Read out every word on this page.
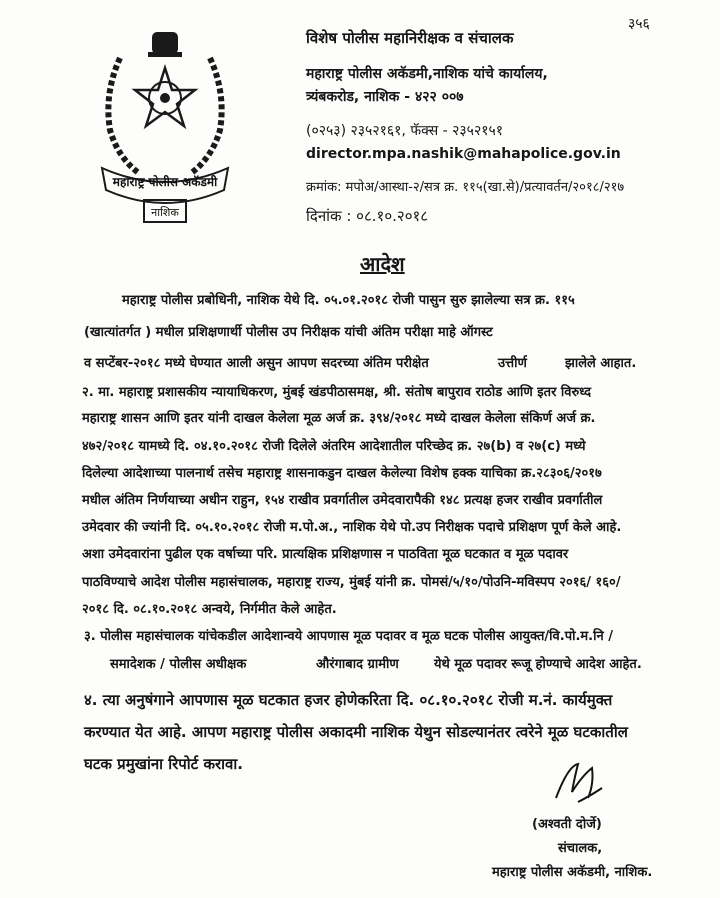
३५६
महाराष्ट्र पोलीस अकॅडमी
नाशिक
विशेष पोलीस महानिरीक्षक व संचालक
महाराष्ट्र पोलीस अकॅडमी,नाशिक यांचे कार्यालय,
त्र्यंबकरोड, नाशिक - ४२२ ००७
(०२५३) २३५२१६१, फॅक्स - २३५२१५१
director.mpa.nashik@mahapolice.gov.in
क्रमांक: मपोअ/आस्था-२/सत्र क्र. ११५(खा.से)/प्रत्यावर्तन/२०१८/२१७
दिनांक : ०८.१०.२०१८
आदेश
महाराष्ट्र पोलीस प्रबोधिनी, नाशिक येथे दि. ०५.०१.२०१८ रोजी पासुन सुरु झालेल्या सत्र क्र. ११५
(खात्यांतर्गत ) मधील प्रशिक्षणार्थी पोलीस उप निरीक्षक यांची अंतिम परीक्षा माहे ऑगस्ट
व सप्टेंबर-२०१८ मध्ये घेण्यात आली असुन आपण सदरच्या अंतिम परीक्षेत	उत्तीर्ण	झालेले आहात.
२. मा. महाराष्ट्र प्रशासकीय न्यायाधिकरण, मुंबई खंडपीठासमक्ष, श्री. संतोष बापुराव राठोड आणि इतर विरुध्द
महाराष्ट्र शासन आणि इतर यांनी दाखल केलेला मूळ अर्ज क्र. ३९४/२०१८ मध्ये दाखल केलेला संकिर्ण अर्ज क्र.
४७२/२०१८ यामध्ये दि. ०४.१०.२०१८ रोजी दिलेले अंतरिम आदेशातील परिच्छेद क्र. २७(b) व २७(c) मध्ये
दिलेल्या आदेशाच्या पालनार्थ तसेच महाराष्ट्र शासनाकडुन दाखल केलेल्या विशेष हक्क याचिका क्र.२८३०६/२०१७
मधील अंतिम निर्णयाच्या अधीन राहुन, १५४ राखीव प्रवर्गातील उमेदवारापैकी १४८ प्रत्यक्ष हजर राखीव प्रवर्गातील
उमेदवार की ज्यांनी दि. ०५.१०.२०१८ रोजी म.पो.अ., नाशिक येथे पो.उप निरीक्षक पदाचे प्रशिक्षण पूर्ण केले आहे.
अशा उमेदवारांना पुढील एक वर्षाच्या परि. प्रात्यक्षिक प्रशिक्षणास न पाठविता मूळ घटकात व मूळ पदावर
पाठविण्याचे आदेश पोलीस महासंचालक, महाराष्ट्र राज्य, मुंबई यांनी क्र. पोमसं/५/१०/पोउनि-मविस्पप २०१६/ १६०/
२०१८ दि. ०८.१०.२०१८ अन्वये, निर्गमीत केले आहेत.
३. पोलीस महासंचालक यांचेकडील आदेशान्वये आपणास मूळ पदावर व मूळ घटक पोलीस आयुक्त/वि.पो.म.नि /
समादेशक / पोलीस अधीक्षक	औरंगाबाद ग्रामीण	येथे मूळ पदावर रूजू होण्याचे आदेश आहेत.
४. त्या अनुषंगाने आपणास मूळ घटकात हजर होणेकरिता दि. ०८.१०.२०१८ रोजी म.नं. कार्यमुक्त
करण्यात येत आहे. आपण महाराष्ट्र पोलीस अकादमी नाशिक येथुन सोडल्यानंतर त्वरेने मूळ घटकातील
घटक प्रमुखांना रिपोर्ट करावा.
(अश्वती दोर्जे)
संचालक,
महाराष्ट्र पोलीस अकॅडमी, नाशिक.
